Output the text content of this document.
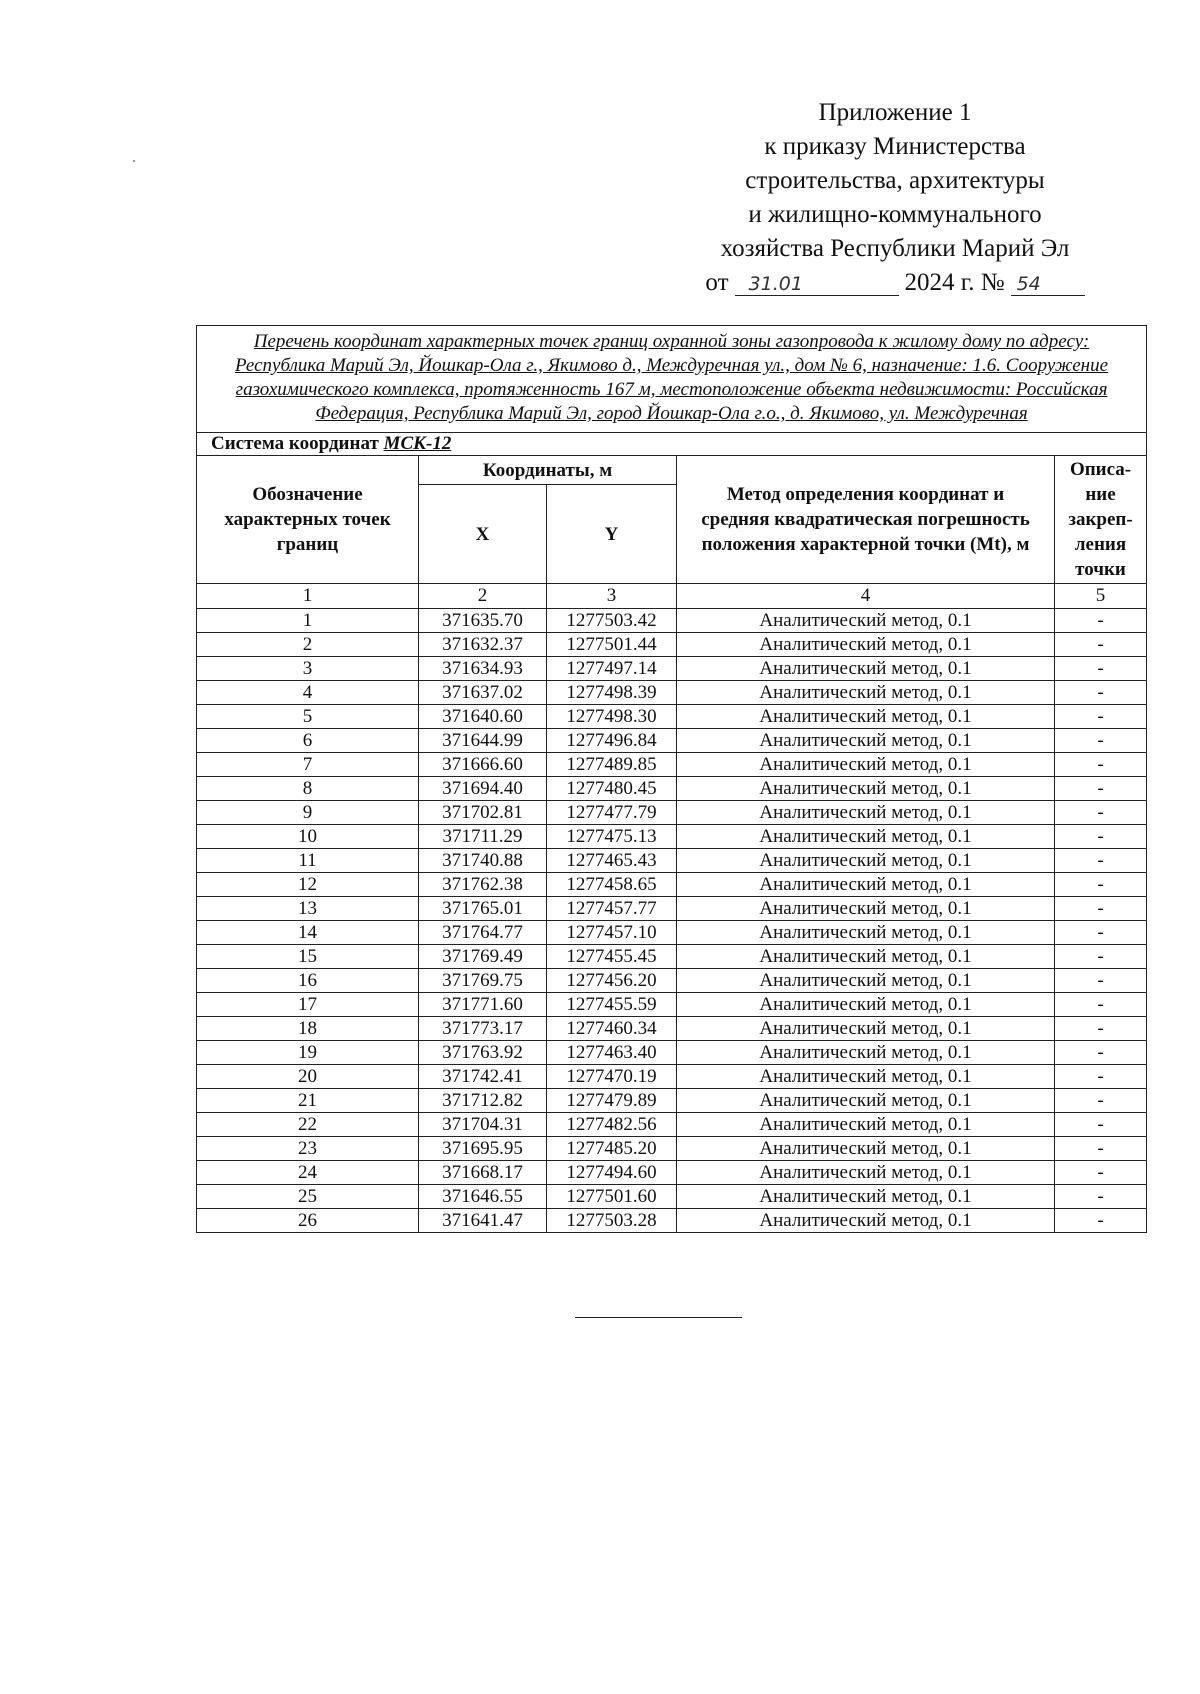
Приложение 1
к приказу Министерства
строительства, архитектуры
и жилищно-коммунального
хозяйства Республики Марий Эл
от	31.01	2024 г. № 54
Перечень координат характерных точек границ охранной зоны газопровода к жилому дому по адресу: Республика Марий Эл, Йошкар-Ола г., Якимово д., Междуречная ул., дом № 6, назначение: 1.6. Сооружение газохимического комплекса, протяженность 167 м, местоположение объекта недвижимости: Российская Федерация, Республика Марий Эл, город Йошкар-Ола г.о., д. Якимово, ул. Междуречная				
Система координат МСК-12				
Обозначение характерных точек границ	Координаты, м		Метод определения координат и средняя квадратическая погрешность положения характерной точки (Mt), м	Описа- ние закреп- ления точки
	X	Y		
1	2	3	4	5
1	371635.70	1277503.42	Аналитический метод, 0.1	-
2	371632.37	1277501.44	Аналитический метод, 0.1	-
3	371634.93	1277497.14	Аналитический метод, 0.1	-
4	371637.02	1277498.39	Аналитический метод, 0.1	-
5	371640.60	1277498.30	Аналитический метод, 0.1	-
6	371644.99	1277496.84	Аналитический метод, 0.1	-
7	371666.60	1277489.85	Аналитический метод, 0.1	-
8	371694.40	1277480.45	Аналитический метод, 0.1	-
9	371702.81	1277477.79	Аналитический метод, 0.1	-
10	371711.29	1277475.13	Аналитический метод, 0.1	-
11	371740.88	1277465.43	Аналитический метод, 0.1	-
12	371762.38	1277458.65	Аналитический метод, 0.1	-
13	371765.01	1277457.77	Аналитический метод, 0.1	-
14	371764.77	1277457.10	Аналитический метод, 0.1	-
15	371769.49	1277455.45	Аналитический метод, 0.1	-
16	371769.75	1277456.20	Аналитический метод, 0.1	-
17	371771.60	1277455.59	Аналитический метод, 0.1	-
18	371773.17	1277460.34	Аналитический метод, 0.1	-
19	371763.92	1277463.40	Аналитический метод, 0.1	-
20	371742.41	1277470.19	Аналитический метод, 0.1	-
21	371712.82	1277479.89	Аналитический метод, 0.1	-
22	371704.31	1277482.56	Аналитический метод, 0.1	-
23	371695.95	1277485.20	Аналитический метод, 0.1	-
24	371668.17	1277494.60	Аналитический метод, 0.1	-
25	371646.55	1277501.60	Аналитический метод, 0.1	-
26	371641.47	1277503.28	Аналитический метод, 0.1	-
